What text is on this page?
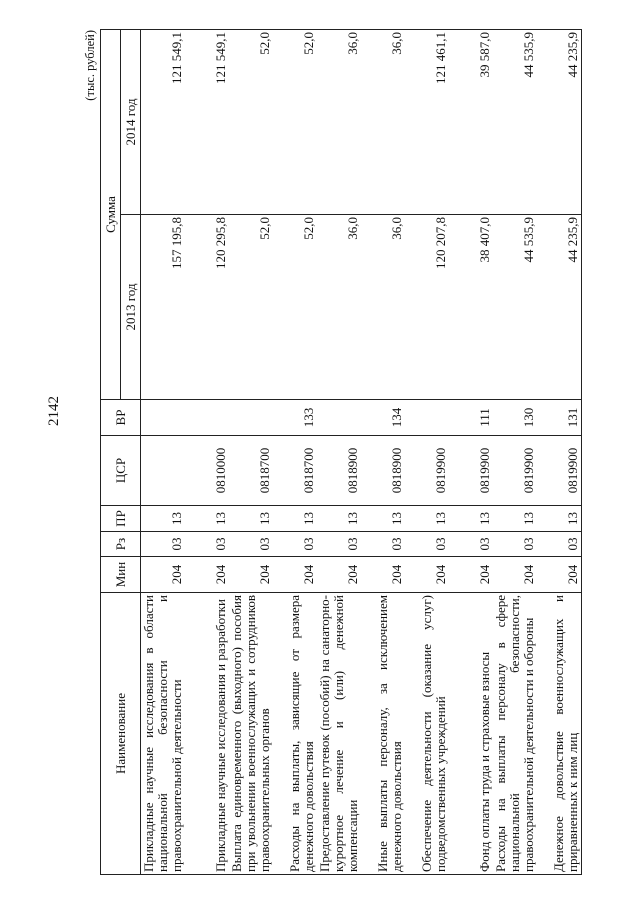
2142
(тыс. рублей)
Наименование	Мин	Рз	ПР	ЦСР	ВР	Сумма	
						2013 год	2014 год
Прикладные научные исследования в области национальной безопасности и правоохранительной деятельности	204	03	13			157 195,8	121 549,1
Прикладные научные исследования и разработки	204	03	13	0810000		120 295,8	121 549,1
Выплата единовременного (выходного) пособия при увольнении военнослужащих и сотрудников правоохранительных органов	204	03	13	0818700		52,0	52,0
Расходы на выплаты, зависящие от размера денежного довольствия	204	03	13	0818700	133	52,0	52,0
Предоставление путевок (пособий) на санаторно-курортное лечение и (или) денежной компенсации	204	03	13	0818900		36,0	36,0
Иные выплаты персоналу, за исключением денежного довольствия	204	03	13	0818900	134	36,0	36,0
Обеспечение деятельности (оказание услуг) подведомственных учреждений	204	03	13	0819900		120 207,8	121 461,1
Фонд оплаты труда и страховые взносы	204	03	13	0819900	111	38 407,0	39 587,0
Расходы на выплаты персоналу в сфере национальной безопасности, правоохранительной деятельности и обороны	204	03	13	0819900	130	44 535,9	44 535,9
Денежное довольствие военнослужащих и приравненных к ним лиц	204	03	13	0819900	131	44 235,9	44 235,9
